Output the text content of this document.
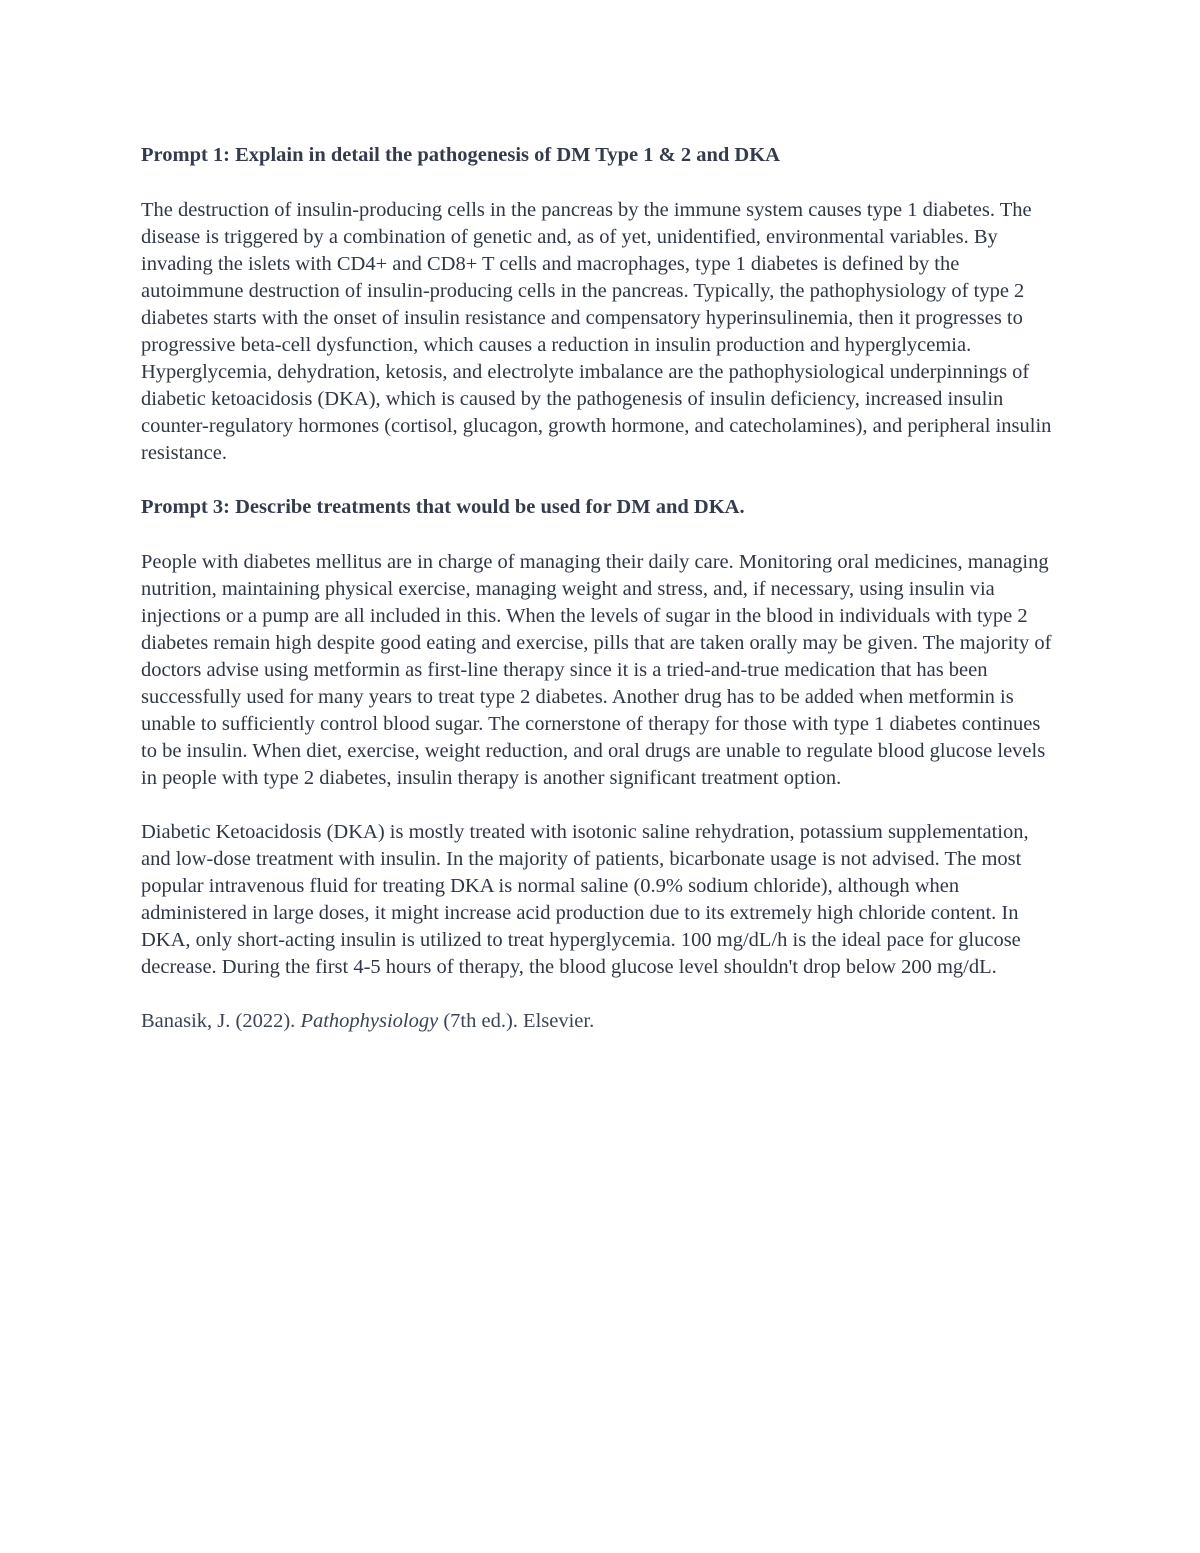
Prompt 1: Explain in detail the pathogenesis of DM Type 1 & 2 and DKA

The destruction of insulin-producing cells in the pancreas by the immune system causes type 1 diabetes. The disease is triggered by a combination of genetic and, as of yet, unidentified, environmental variables. By invading the islets with CD4+ and CD8+ T cells and macrophages, type 1 diabetes is defined by the autoimmune destruction of insulin-producing cells in the pancreas. Typically, the pathophysiology of type 2 diabetes starts with the onset of insulin resistance and compensatory hyperinsulinemia, then it progresses to progressive beta-cell dysfunction, which causes a reduction in insulin production and hyperglycemia. Hyperglycemia, dehydration, ketosis, and electrolyte imbalance are the pathophysiological underpinnings of diabetic ketoacidosis (DKA), which is caused by the pathogenesis of insulin deficiency, increased insulin counter-regulatory hormones (cortisol, glucagon, growth hormone, and catecholamines), and peripheral insulin resistance.

Prompt 3: Describe treatments that would be used for DM and DKA.

People with diabetes mellitus are in charge of managing their daily care. Monitoring oral medicines, managing nutrition, maintaining physical exercise, managing weight and stress, and, if necessary, using insulin via injections or a pump are all included in this. When the levels of sugar in the blood in individuals with type 2 diabetes remain high despite good eating and exercise, pills that are taken orally may be given. The majority of doctors advise using metformin as first-line therapy since it is a tried-and-true medication that has been successfully used for many years to treat type 2 diabetes. Another drug has to be added when metformin is unable to sufficiently control blood sugar. The cornerstone of therapy for those with type 1 diabetes continues to be insulin. When diet, exercise, weight reduction, and oral drugs are unable to regulate blood glucose levels in people with type 2 diabetes, insulin therapy is another significant treatment option.

Diabetic Ketoacidosis (DKA) is mostly treated with isotonic saline rehydration, potassium supplementation, and low-dose treatment with insulin. In the majority of patients, bicarbonate usage is not advised. The most popular intravenous fluid for treating DKA is normal saline (0.9% sodium chloride), although when administered in large doses, it might increase acid production due to its extremely high chloride content. In DKA, only short-acting insulin is utilized to treat hyperglycemia. 100 mg/dL/h is the ideal pace for glucose decrease. During the first 4-5 hours of therapy, the blood glucose level shouldn't drop below 200 mg/dL.

Banasik, J. (2022). Pathophysiology (7th ed.). Elsevier.
